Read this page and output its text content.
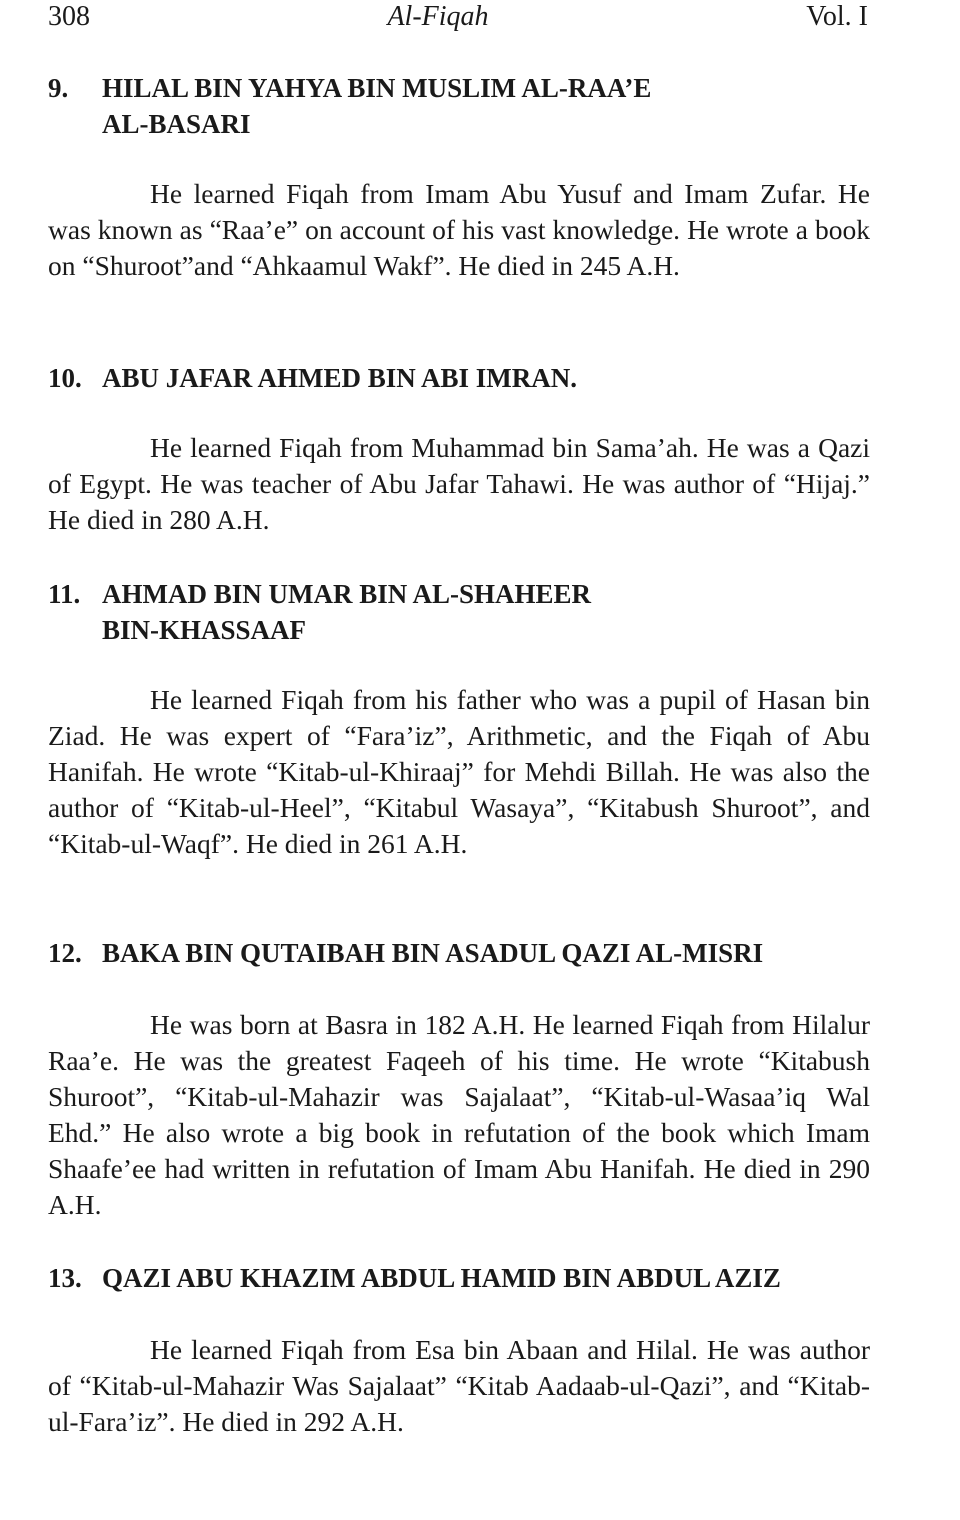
308	Al-Fiqah	Vol. I
9.	HILAL BIN YAHYA BIN MUSLIM AL-RAA’E
AL-BASARI

He learned Fiqah from Imam Abu Yusuf and Imam Zufar. He was known as “Raa’e” on account of his vast knowledge. He wrote a book on “Shuroot”and “Ahkaamul Wakf”. He died in 245 A.H.

10. ABU JAFAR AHMED BIN ABI IMRAN.

He learned Fiqah from Muhammad bin Sama’ah. He was a Qazi of Egypt. He was teacher of Abu Jafar Tahawi. He was author of “Hijaj.” He died in 280 A.H.

11. AHMAD BIN UMAR BIN AL-SHAHEER
BIN-KHASSAAF

He learned Fiqah from his father who was a pupil of Hasan bin Ziad. He was expert of “Fara’iz”, Arithmetic, and the Fiqah of Abu Hanifah. He wrote “Kitab-ul-Khiraaj” for Mehdi Billah. He was also the author of “Kitab-ul-Heel”, “Kitabul Wasaya”, “Kitabush Shuroot”, and “Kitab-ul-Waqf”. He died in 261 A.H.

12. BAKA BIN QUTAIBAH BIN ASADUL QAZI AL-MISRI

He was born at Basra in 182 A.H. He learned Fiqah from Hilalur Raa’e. He was the greatest Faqeeh of his time. He wrote “Kitabush Shuroot”, “Kitab-ul-Mahazir was Sajalaat”, “Kitab-ul-Wasaa’iq Wal Ehd.” He also wrote a big book in refutation of the book which Imam Shaafe’ee had written in refutation of Imam Abu Hanifah. He died in 290 A.H.

13. QAZI ABU KHAZIM ABDUL HAMID BIN ABDUL AZIZ

He learned Fiqah from Esa bin Abaan and Hilal. He was author of “Kitab-ul-Mahazir Was Sajalaat” “Kitab Aadaab-ul-Qazi”, and “Kitab-ul-Fara’iz”. He died in 292 A.H.
